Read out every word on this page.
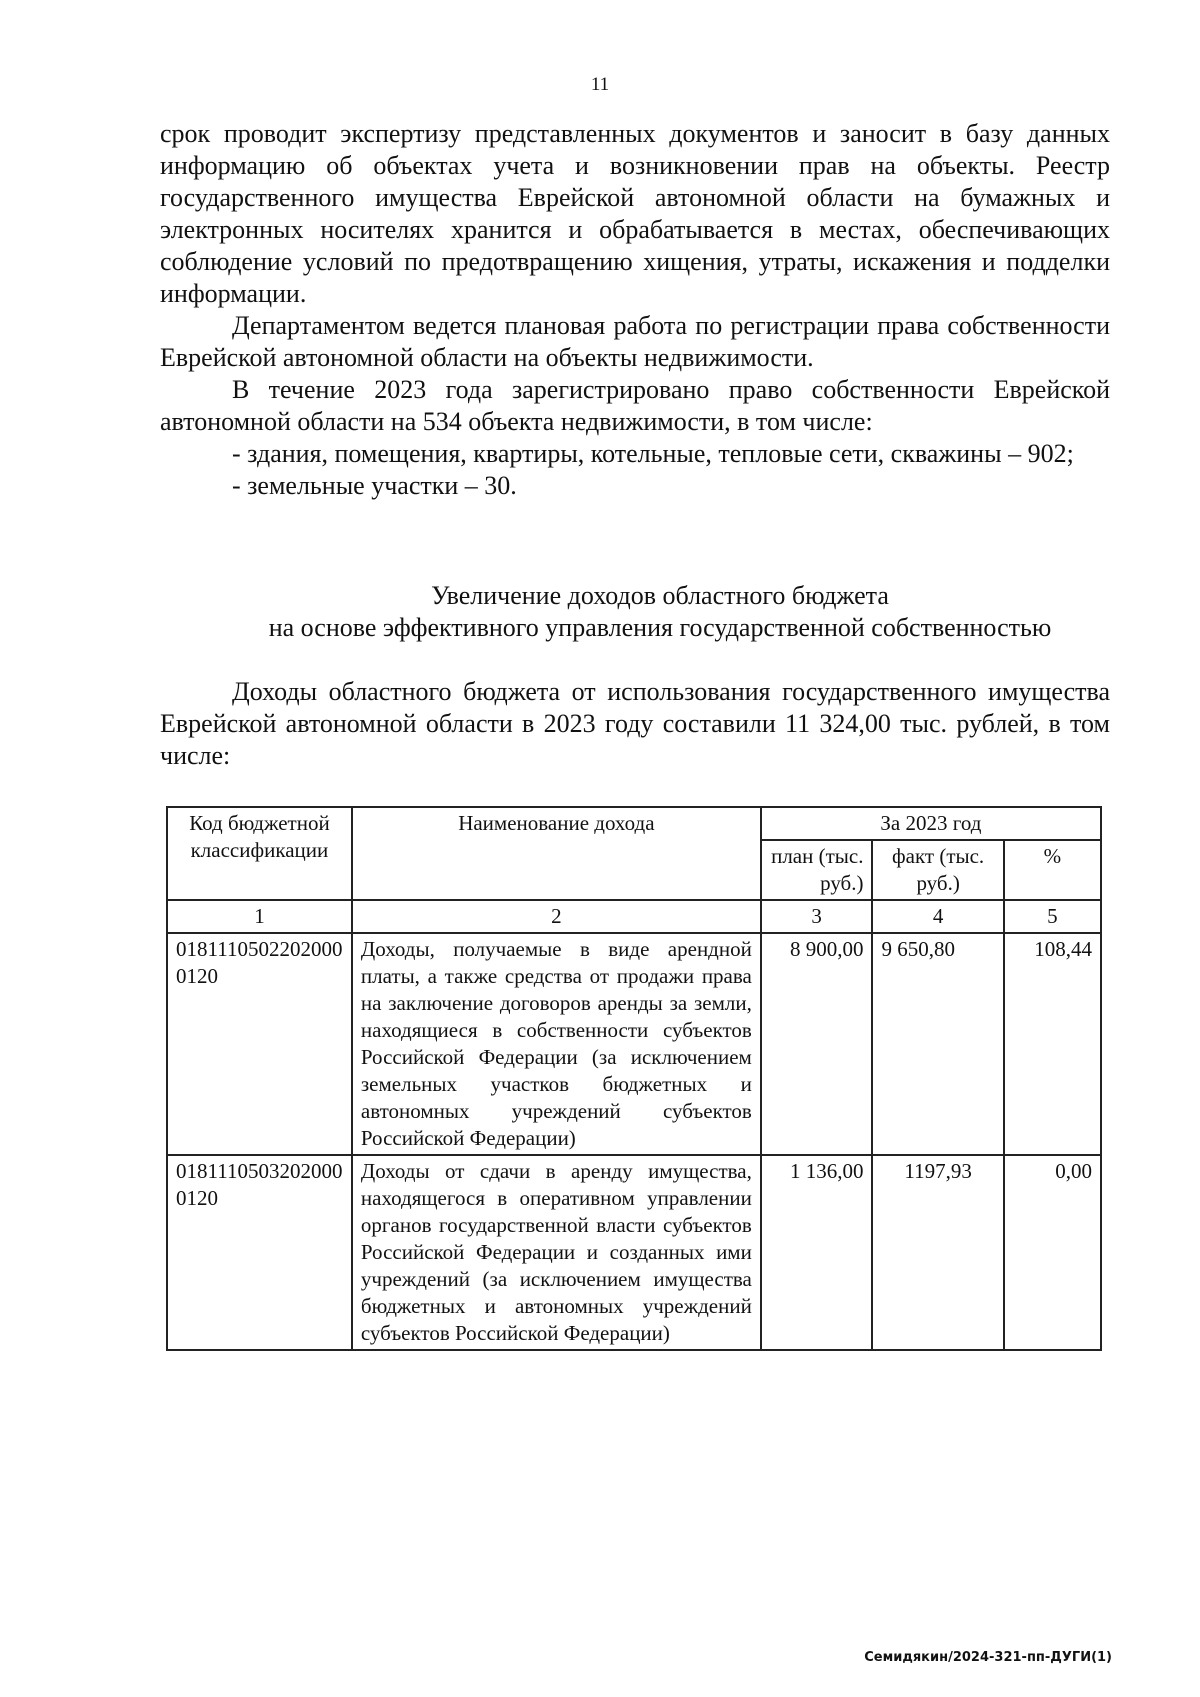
11

срок проводит экспертизу представленных документов и заносит в базу данных информацию об объектах учета и возникновении прав на объекты. Реестр государственного имущества Еврейской автономной области на бумажных и электронных носителях хранится и обрабатывается в местах, обеспечивающих соблюдение условий по предотвращению хищения, утраты, искажения и подделки информации.

Департаментом ведется плановая работа по регистрации права собственности Еврейской автономной области на объекты недвижимости.

В течение 2023 года зарегистрировано право собственности Еврейской автономной области на 534 объекта недвижимости, в том числе:

- здания, помещения, квартиры, котельные, тепловые сети, скважины – 902;

- земельные участки – 30.

Увеличение доходов областного бюджета
на основе эффективного управления государственной собственностью

Доходы областного бюджета от использования государственного имущества Еврейской автономной области в 2023 году составили 11 324,00 тыс. рублей, в том числе:

Код бюджетной классификации	Наименование дохода	За 2023 год		
		план (тыс. руб.)	факт (тыс. руб.)	%
1	2	3	4	5
01811105022020000120	Доходы, получаемые в виде арендной платы, а также средства от продажи права на заключение договоров аренды за земли, находящиеся в собственности субъектов Российской Федерации (за исключением земельных участков бюджетных и автономных учреждений субъектов Российской Федерации)	8 900,00	9 650,80	108,44
01811105032020000120	Доходы от сдачи в аренду имущества, находящегося в оперативном управлении органов государственной власти субъектов Российской Федерации и созданных ими учреждений (за исключением имущества бюджетных и автономных учреждений субъектов Российской Федерации)	1 136,00	1197,93	0,00
Семидякин/2024-321-пп-ДУГИ(1)
